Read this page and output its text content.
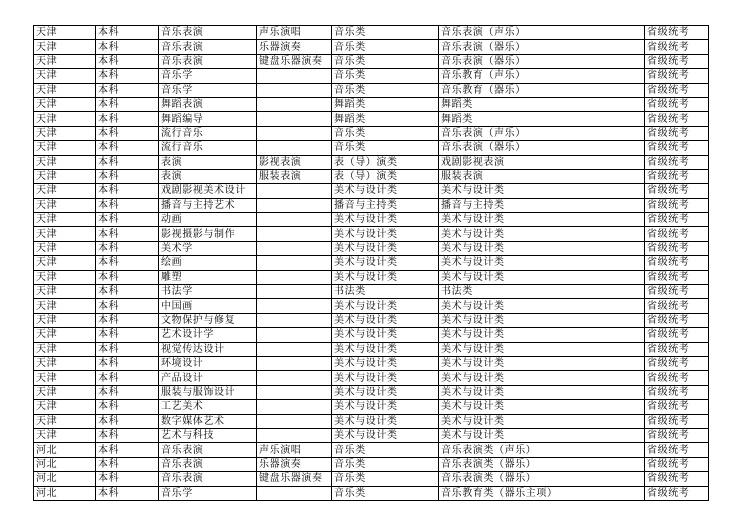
天津	本科	音乐表演	声乐演唱	音乐类	音乐表演（声乐）	省级统考
天津	本科	音乐表演	乐器演奏	音乐类	音乐表演（器乐）	省级统考
天津	本科	音乐表演	键盘乐器演奏	音乐类	音乐表演（器乐）	省级统考
天津	本科	音乐学		音乐类	音乐教育（声乐）	省级统考
天津	本科	音乐学		音乐类	音乐教育（器乐）	省级统考
天津	本科	舞蹈表演		舞蹈类	舞蹈类	省级统考
天津	本科	舞蹈编导		舞蹈类	舞蹈类	省级统考
天津	本科	流行音乐		音乐类	音乐表演（声乐）	省级统考
天津	本科	流行音乐		音乐类	音乐表演（器乐）	省级统考
天津	本科	表演	影视表演	表（导）演类	戏剧影视表演	省级统考
天津	本科	表演	服装表演	表（导）演类	服装表演	省级统考
天津	本科	戏剧影视美术设计		美术与设计类	美术与设计类	省级统考
天津	本科	播音与主持艺术		播音与主持类	播音与主持类	省级统考
天津	本科	动画		美术与设计类	美术与设计类	省级统考
天津	本科	影视摄影与制作		美术与设计类	美术与设计类	省级统考
天津	本科	美术学		美术与设计类	美术与设计类	省级统考
天津	本科	绘画		美术与设计类	美术与设计类	省级统考
天津	本科	雕塑		美术与设计类	美术与设计类	省级统考
天津	本科	书法学		书法类	书法类	省级统考
天津	本科	中国画		美术与设计类	美术与设计类	省级统考
天津	本科	文物保护与修复		美术与设计类	美术与设计类	省级统考
天津	本科	艺术设计学		美术与设计类	美术与设计类	省级统考
天津	本科	视觉传达设计		美术与设计类	美术与设计类	省级统考
天津	本科	环境设计		美术与设计类	美术与设计类	省级统考
天津	本科	产品设计		美术与设计类	美术与设计类	省级统考
天津	本科	服装与服饰设计		美术与设计类	美术与设计类	省级统考
天津	本科	工艺美术		美术与设计类	美术与设计类	省级统考
天津	本科	数字媒体艺术		美术与设计类	美术与设计类	省级统考
天津	本科	艺术与科技		美术与设计类	美术与设计类	省级统考
河北	本科	音乐表演	声乐演唱	音乐类	音乐表演类（声乐）	省级统考
河北	本科	音乐表演	乐器演奏	音乐类	音乐表演类（器乐）	省级统考
河北	本科	音乐表演	键盘乐器演奏	音乐类	音乐表演类（器乐）	省级统考
河北	本科	音乐学		音乐类	音乐教育类（器乐主项）	省级统考
